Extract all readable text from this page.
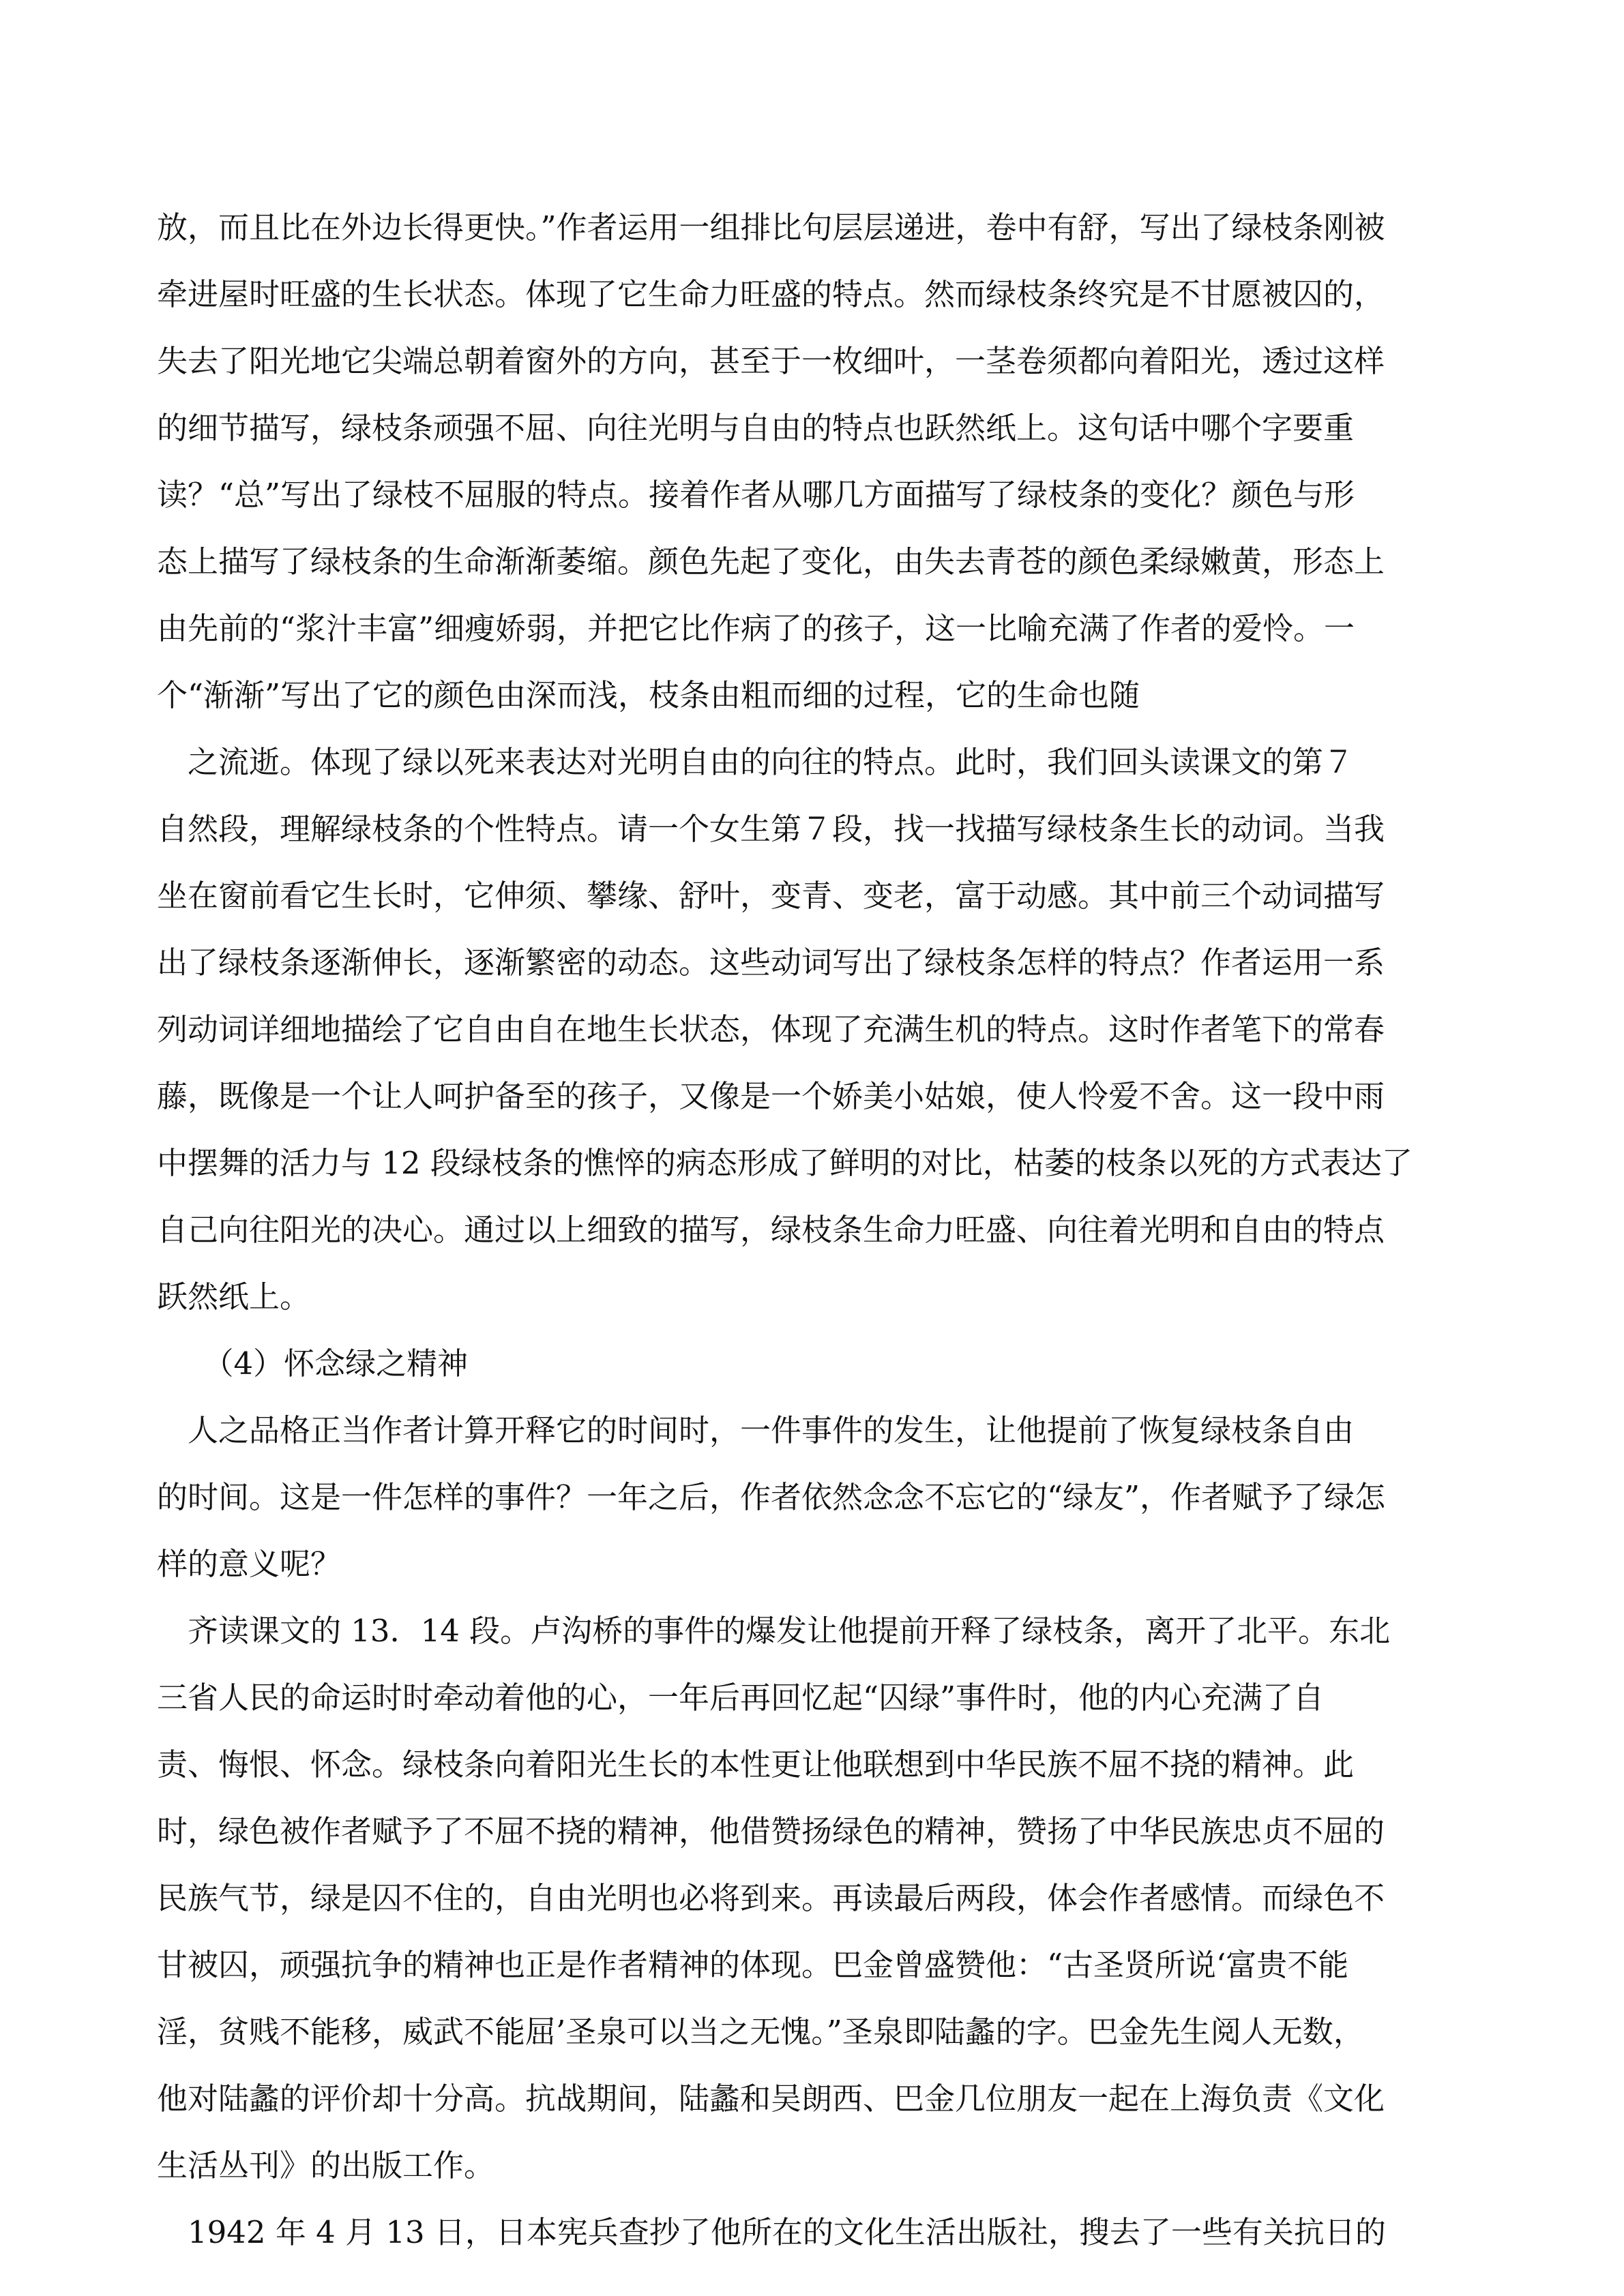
放，而且比在外边长得更快。”作者运用一组排比句层层递进，卷中有舒，写出了绿枝条刚被
牵进屋时旺盛的生长状态。体现了它生命力旺盛的特点。然而绿枝条终究是不甘愿被囚的，
失去了阳光地它尖端总朝着窗外的方向，甚至于一枚细叶，一茎卷须都向着阳光，透过这样
的细节描写，绿枝条顽强不屈、向往光明与自由的特点也跃然纸上。这句话中哪个字要重
读？“总”写出了绿枝不屈服的特点。接着作者从哪几方面描写了绿枝条的变化？颜色与形
态上描写了绿枝条的生命渐渐萎缩。颜色先起了变化，由失去青苍的颜色柔绿嫩黄，形态上
由先前的“浆汁丰富”细瘦娇弱，并把它比作病了的孩子，这一比喻充满了作者的爱怜。一
个“渐渐”写出了它的颜色由深而浅，枝条由粗而细的过程，它的生命也随
　之流逝。体现了绿以死来表达对光明自由的向往的特点。此时，我们回头读课文的第７
自然段，理解绿枝条的个性特点。请一个女生第７段，找一找描写绿枝条生长的动词。当我
坐在窗前看它生长时，它伸须、攀缘、舒叶，变青、变老，富于动感。其中前三个动词描写
出了绿枝条逐渐伸长，逐渐繁密的动态。这些动词写出了绿枝条怎样的特点？作者运用一系
列动词详细地描绘了它自由自在地生长状态，体现了充满生机的特点。这时作者笔下的常春
藤，既像是一个让人呵护备至的孩子，又像是一个娇美小姑娘，使人怜爱不舍。这一段中雨
中摆舞的活力与 12 段绿枝条的憔悴的病态形成了鲜明的对比，枯萎的枝条以死的方式表达了
自己向往阳光的决心。通过以上细致的描写，绿枝条生命力旺盛、向往着光明和自由的特点
跃然纸上。
　　（4）怀念绿之精神
　人之品格正当作者计算开释它的时间时，一件事件的发生，让他提前了恢复绿枝条自由
的时间。这是一件怎样的事件？一年之后，作者依然念念不忘它的“绿友”，作者赋予了绿怎
样的意义呢？
　齐读课文的 13．14 段。卢沟桥的事件的爆发让他提前开释了绿枝条，离开了北平。东北
三省人民的命运时时牵动着他的心，一年后再回忆起“囚绿”事件时，他的内心充满了自
责、悔恨、怀念。绿枝条向着阳光生长的本性更让他联想到中华民族不屈不挠的精神。此
时，绿色被作者赋予了不屈不挠的精神，他借赞扬绿色的精神，赞扬了中华民族忠贞不屈的
民族气节，绿是囚不住的，自由光明也必将到来。再读最后两段，体会作者感情。而绿色不
甘被囚，顽强抗争的精神也正是作者精神的体现。巴金曾盛赞他：“古圣贤所说‘富贵不能
淫，贫贱不能移，威武不能屈’圣泉可以当之无愧。”圣泉即陆蠡的字。巴金先生阅人无数，
他对陆蠡的评价却十分高。抗战期间，陆蠡和吴朗西、巴金几位朋友一起在上海负责《文化
生活丛刊》的出版工作。
　1942 年 4 月 13 日，日本宪兵查抄了他所在的文化生活出版社，搜去了一些有关抗日的
